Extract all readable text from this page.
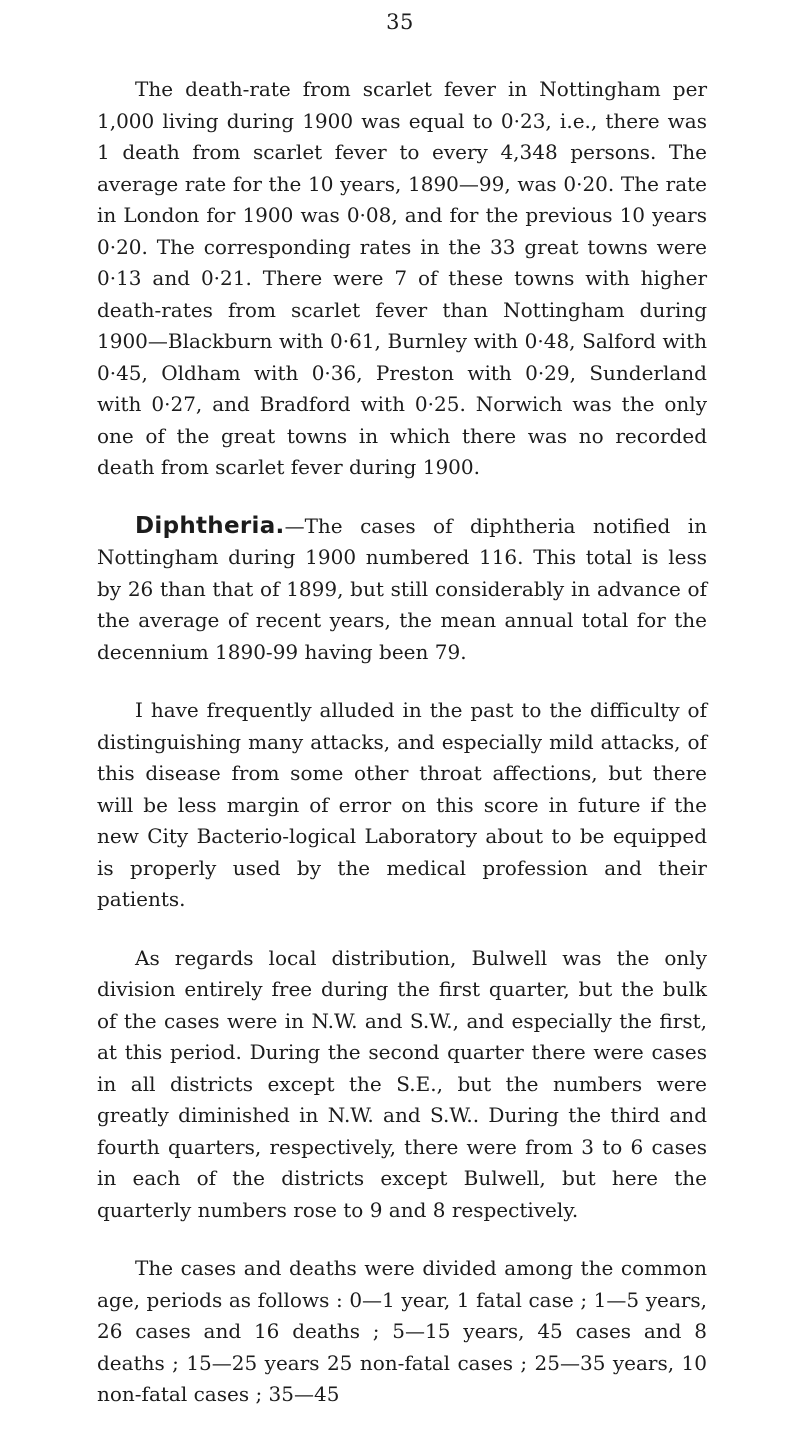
35

The death-rate from scarlet fever in Nottingham per 1,000 living during 1900 was equal to 0·23, i.e., there was 1 death from scarlet fever to every 4,348 persons. The average rate for the 10 years, 1890—99, was 0·20. The rate in London for 1900 was 0·08, and for the previous 10 years 0·20. The corresponding rates in the 33 great towns were 0·13 and 0·21. There were 7 of these towns with higher death-rates from scarlet fever than Nottingham during 1900—Blackburn with 0·61, Burnley with 0·48, Salford with 0·45, Oldham with 0·36, Preston with 0·29, Sunderland with 0·27, and Bradford with 0·25. Norwich was the only one of the great towns in which there was no recorded death from scarlet fever during 1900.

Diphtheria.—The cases of diphtheria notified in Nottingham during 1900 numbered 116. This total is less by 26 than that of 1899, but still considerably in advance of the average of recent years, the mean annual total for the decennium 1890-99 having been 79.

I have frequently alluded in the past to the difficulty of distinguishing many attacks, and especially mild attacks, of this disease from some other throat affections, but there will be less margin of error on this score in future if the new City Bacterio-logical Laboratory about to be equipped is properly used by the medical profession and their patients.

As regards local distribution, Bulwell was the only division entirely free during the first quarter, but the bulk of the cases were in N.W. and S.W., and especially the first, at this period. During the second quarter there were cases in all districts except the S.E., but the numbers were greatly diminished in N.W. and S.W.. During the third and fourth quarters, respectively, there were from 3 to 6 cases in each of the districts except Bulwell, but here the quarterly numbers rose to 9 and 8 respectively.

The cases and deaths were divided among the common age, periods as follows : 0—1 year, 1 fatal case ; 1—5 years, 26 cases and 16 deaths ; 5—15 years, 45 cases and 8 deaths ; 15—25 years 25 non-fatal cases ; 25—35 years, 10 non-fatal cases ; 35—45
